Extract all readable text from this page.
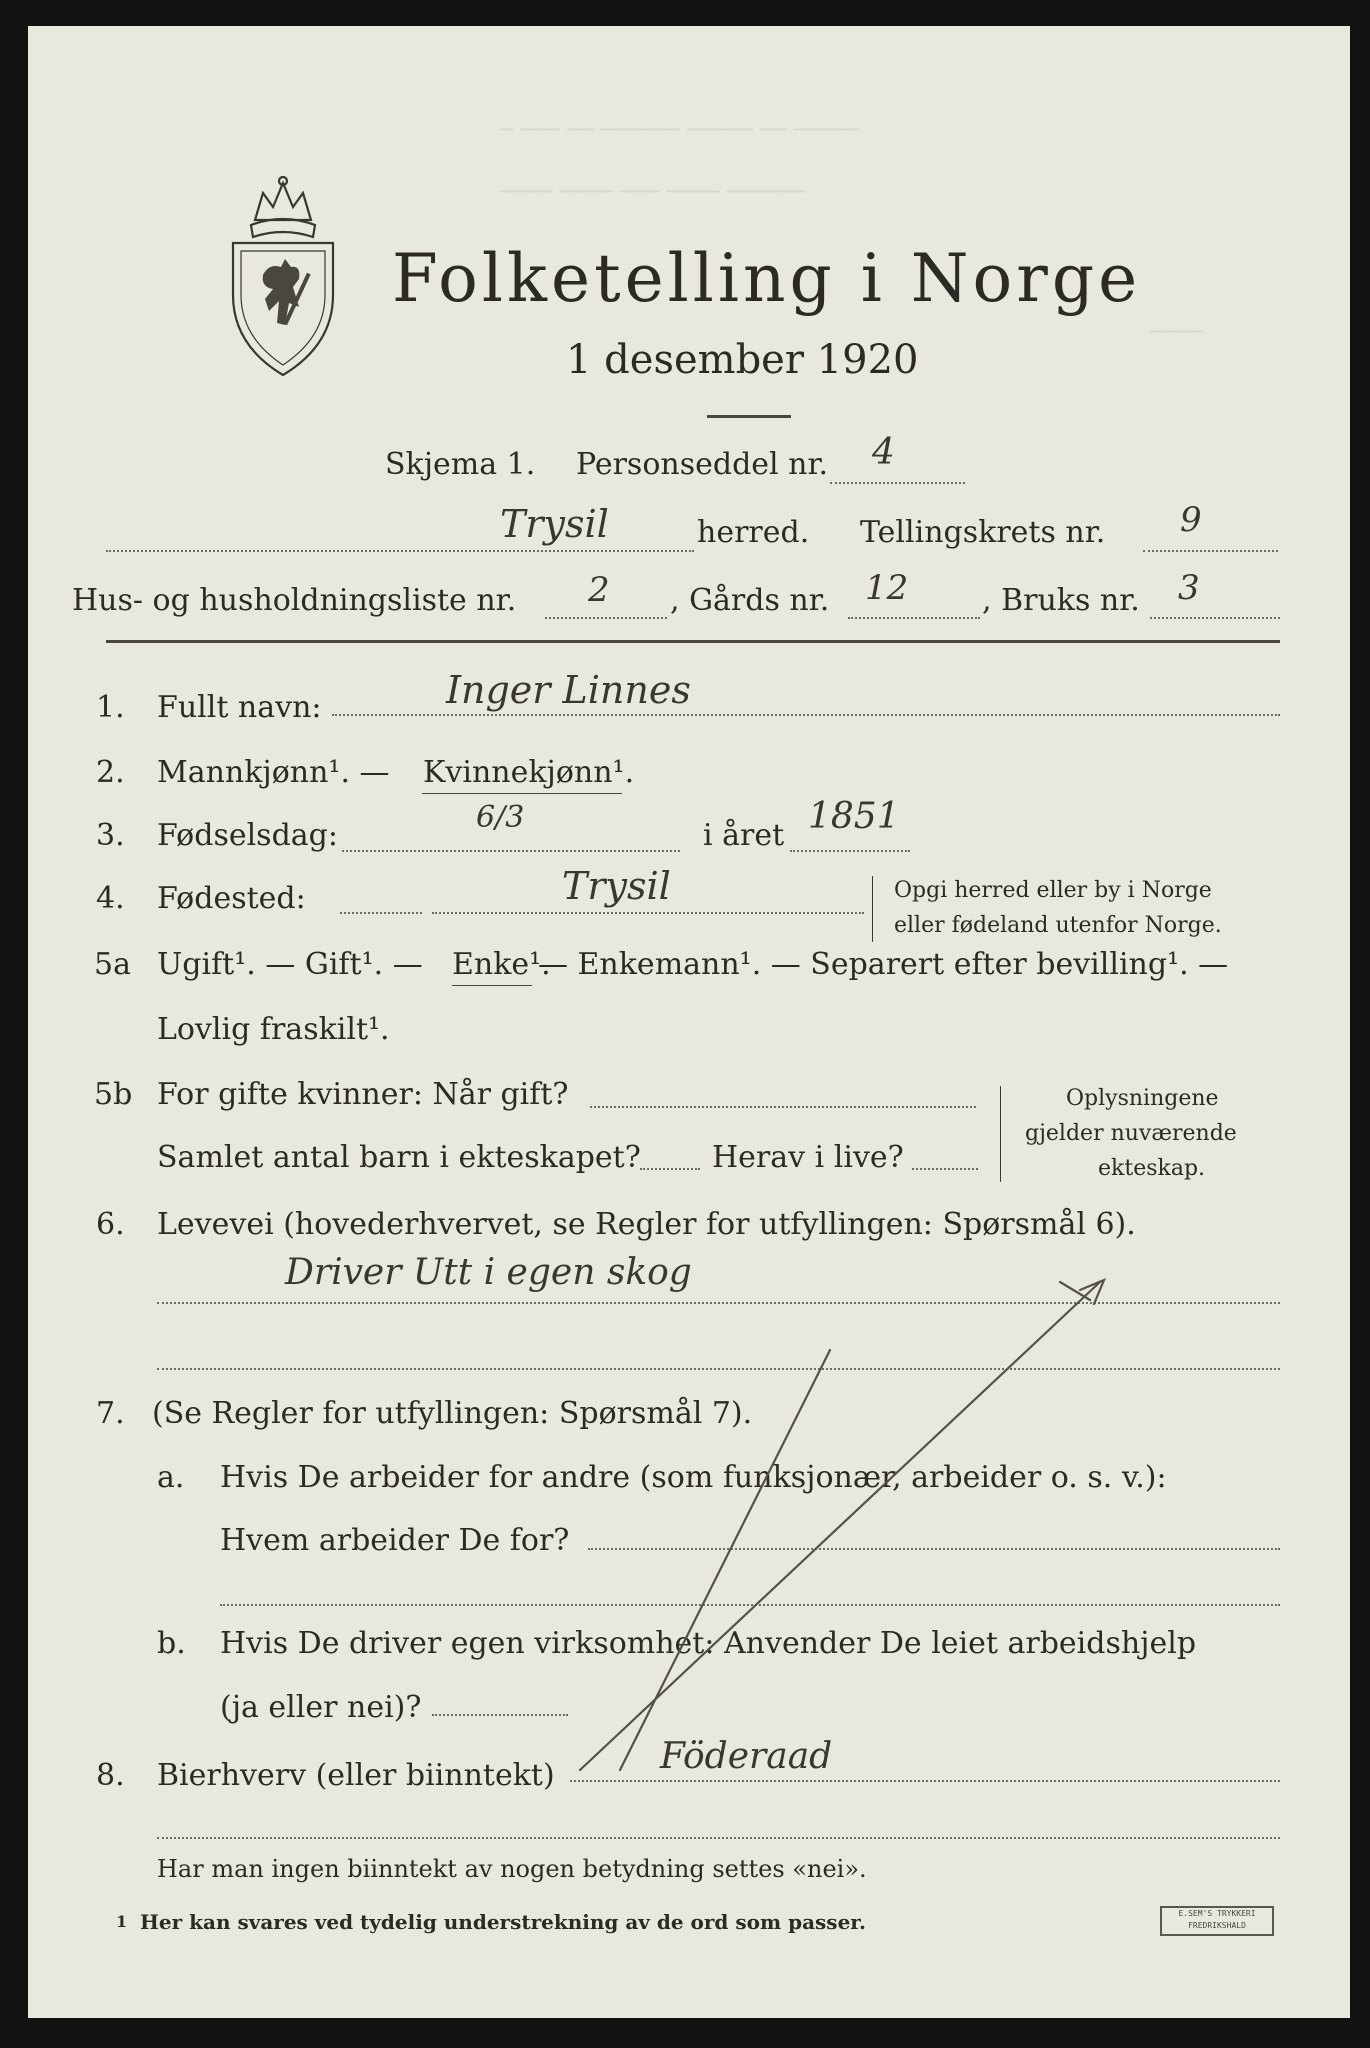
─ ─── ── ────── ───── ── ─────
──── ──── ─── ──── ──────
────
Folketelling i Norge
1 desember 1920
Skjema 1. Personseddel nr. 4
Trysil	herred. Tellingskrets nr. 9
Hus- og husholdningsliste nr. 2 , Gårds nr. 12 , Bruks nr. 3
1. Fullt navn:	Inger Linnes
2. Mannkjønn¹. — Kvinnekjønn¹.
3. Fødselsdag:
6/3
i året 1851
4. Fødested:	Trysil	Opgi herred eller by i Norge
eller fødeland utenfor Norge.
5a Ugift¹. — Gift¹. — Enke¹.
— Enkemann¹. — Separert efter bevilling¹. —
Lovlig fraskilt¹.
5b For gifte kvinner: Når gift?
Samlet antal barn i ekteskapet? Herav i live?
Oplysningene
gjelder nuværende
ekteskap.
6. Levevei (hovederhvervet, se Regler for utfyllingen: Spørsmål 6).
Driver Utt i egen skog
7. (Se Regler for utfyllingen: Spørsmål 7).
a. Hvis De arbeider for andre (som funksjonær, arbeider o. s. v.):
Hvem arbeider De for?
b. Hvis De driver egen virksomhet: Anvender De leiet arbeidshjelp
(ja eller nei)?
8. Bierhverv (eller biinntekt)	Föderaad
Har man ingen biinntekt av nogen betydning settes «nei».
1 Her kan svares ved tydelig understrekning av de ord som passer.	E.SEM'S TRYKKERI
FREDRIKSHALD
